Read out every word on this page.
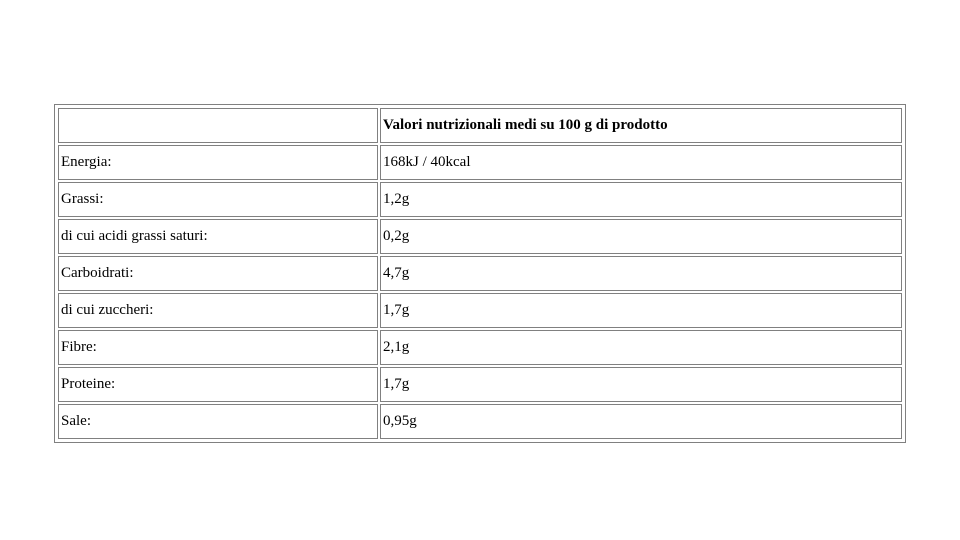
	Valori nutrizionali medi su 100 g di prodotto
Energia:	168kJ / 40kcal
Grassi:	1,2g
di cui acidi grassi saturi:	0,2g
Carboidrati:	4,7g
di cui zuccheri:	1,7g
Fibre:	2,1g
Proteine:	1,7g
Sale:	0,95g
